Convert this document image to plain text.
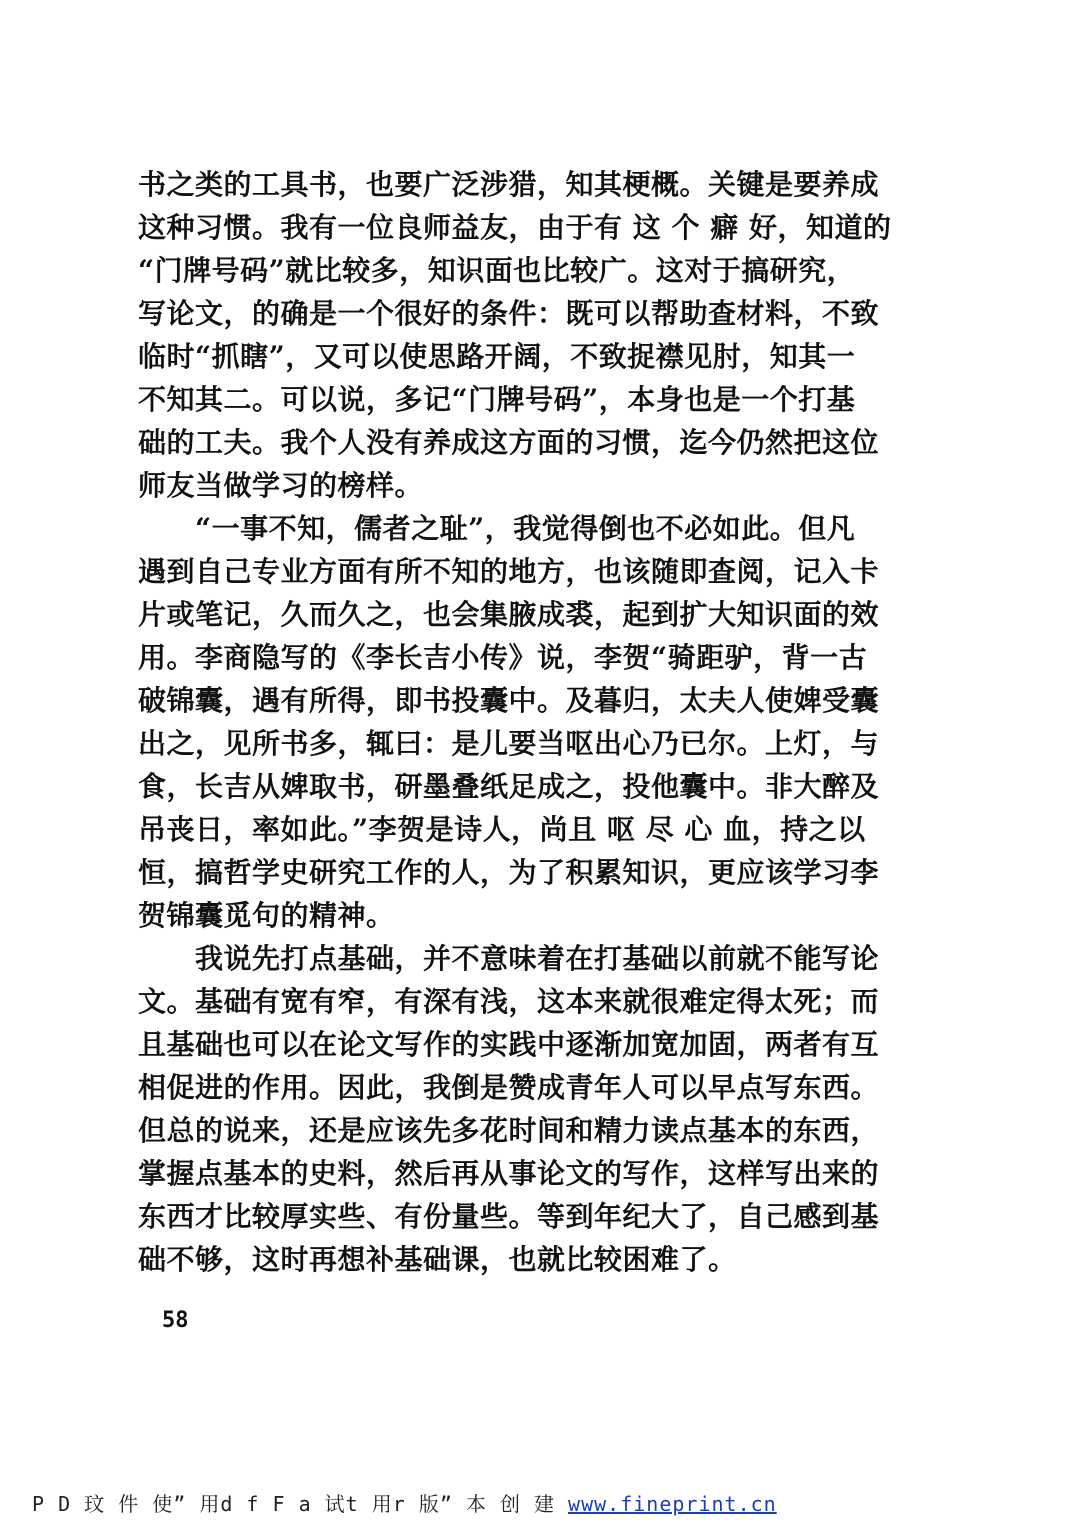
书之类的工具书，也要广泛涉猎，知其梗概。关键是要养成
这种习惯。我有一位良师益友，由于有 这 个 癖 好，知道的
“门牌号码”就比较多，知识面也比较广。这对于搞研究，
写论文，的确是一个很好的条件：既可以帮助查材料，不致
临时“抓瞎”，又可以使思路开阔，不致捉襟见肘，知其一
不知其二。可以说，多记“门牌号码”，本身也是一个打基
础的工夫。我个人没有养成这方面的习惯，迄今仍然把这位
师友当做学习的榜样。
　　“一事不知，儒者之耻”，我觉得倒也不必如此。但凡
遇到自己专业方面有所不知的地方，也该随即查阅，记入卡
片或笔记，久而久之，也会集腋成裘，起到扩大知识面的效
用。李商隐写的《李长吉小传》说，李贺“骑距驴，背一古
破锦囊，遇有所得，即书投囊中。及暮归，太夫人使婢受囊
出之，见所书多，辄曰：是儿要当呕出心乃已尔。上灯，与
食，长吉从婢取书，研墨叠纸足成之，投他囊中。非大醉及
吊丧日，率如此。”李贺是诗人，尚且 呕 尽 心 血，持之以
恒，搞哲学史研究工作的人，为了积累知识，更应该学习李
贺锦囊觅句的精神。
　　我说先打点基础，并不意味着在打基础以前就不能写论
文。基础有宽有窄，有深有浅，这本来就很难定得太死；而
且基础也可以在论文写作的实践中逐渐加宽加固，两者有互
相促进的作用。因此，我倒是赞成青年人可以早点写东西。
但总的说来，还是应该先多花时间和精力读点基本的东西，
掌握点基本的史料，然后再从事论文的写作，这样写出来的
东西才比较厚实些、有份量些。等到年纪大了，自己感到基
础不够，这时再想补基础课，也就比较困难了。
58
P D 玟 件 使” 用d f F a 试t 用r 版” 本 创 建 www.fineprint.cn
